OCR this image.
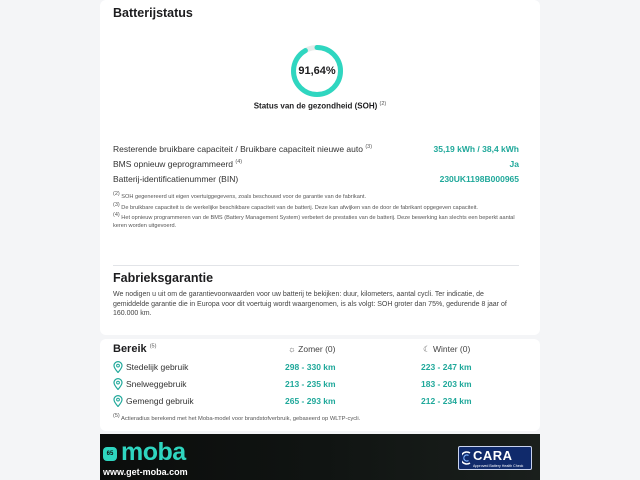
Batterijstatus
91,64%
Status van de gezondheid (SOH) $^{(2)}$
Resterende bruikbare capaciteit / Bruikbare capaciteit nieuwe auto $^{(3)}$	35,19 kWh / 38,4 kWh
BMS opnieuw geprogrammeerd $^{(4)}$	Ja
Batterij-identificatienummer (BIN)	230UK1198B000965

$^{(2)}$ SOH gegenereerd uit eigen voertuiggegevens, zoals beschouwd voor de garantie van de fabrikant.

$^{(3)}$ De bruikbare capaciteit is de werkelijke beschikbare capaciteit van de batterij. Deze kan afwijken van de door de fabrikant opgegeven capaciteit.

$^{(4)}$ Het opnieuw programmeren van de BMS (Battery Management System) verbetert de prestaties van de batterij. Deze bewerking kan slechts een beperkt aantal keren worden uitgevoerd.

Fabrieksgarantie
We nodigen u uit om de garantievoorwaarden voor uw batterij te bekijken: duur, kilometers, aantal cycli. Ter indicatie, de gemiddelde garantie die in Europa voor dit voertuig wordt waargenomen, is als volgt: SOH groter dan 75%, gedurende 8 jaar of 160.000 km.
Bereik $^{(5)}$	☼ Zomer (0)	☾ Winter (0)
Stedelijk gebruik	298 - 330 km	223 - 247 km
Snelweggebruik	213 - 235 km	183 - 203 km
Gemengd gebruik	265 - 293 km	212 - 234 km
$^{(5)}$ Actieradius berekend met het Moba-model voor brandstofverbruik, gebaseerd op WLTP-cycli.
65 moba
www.get-moba.com
CARA
Approved Battery Health Check
